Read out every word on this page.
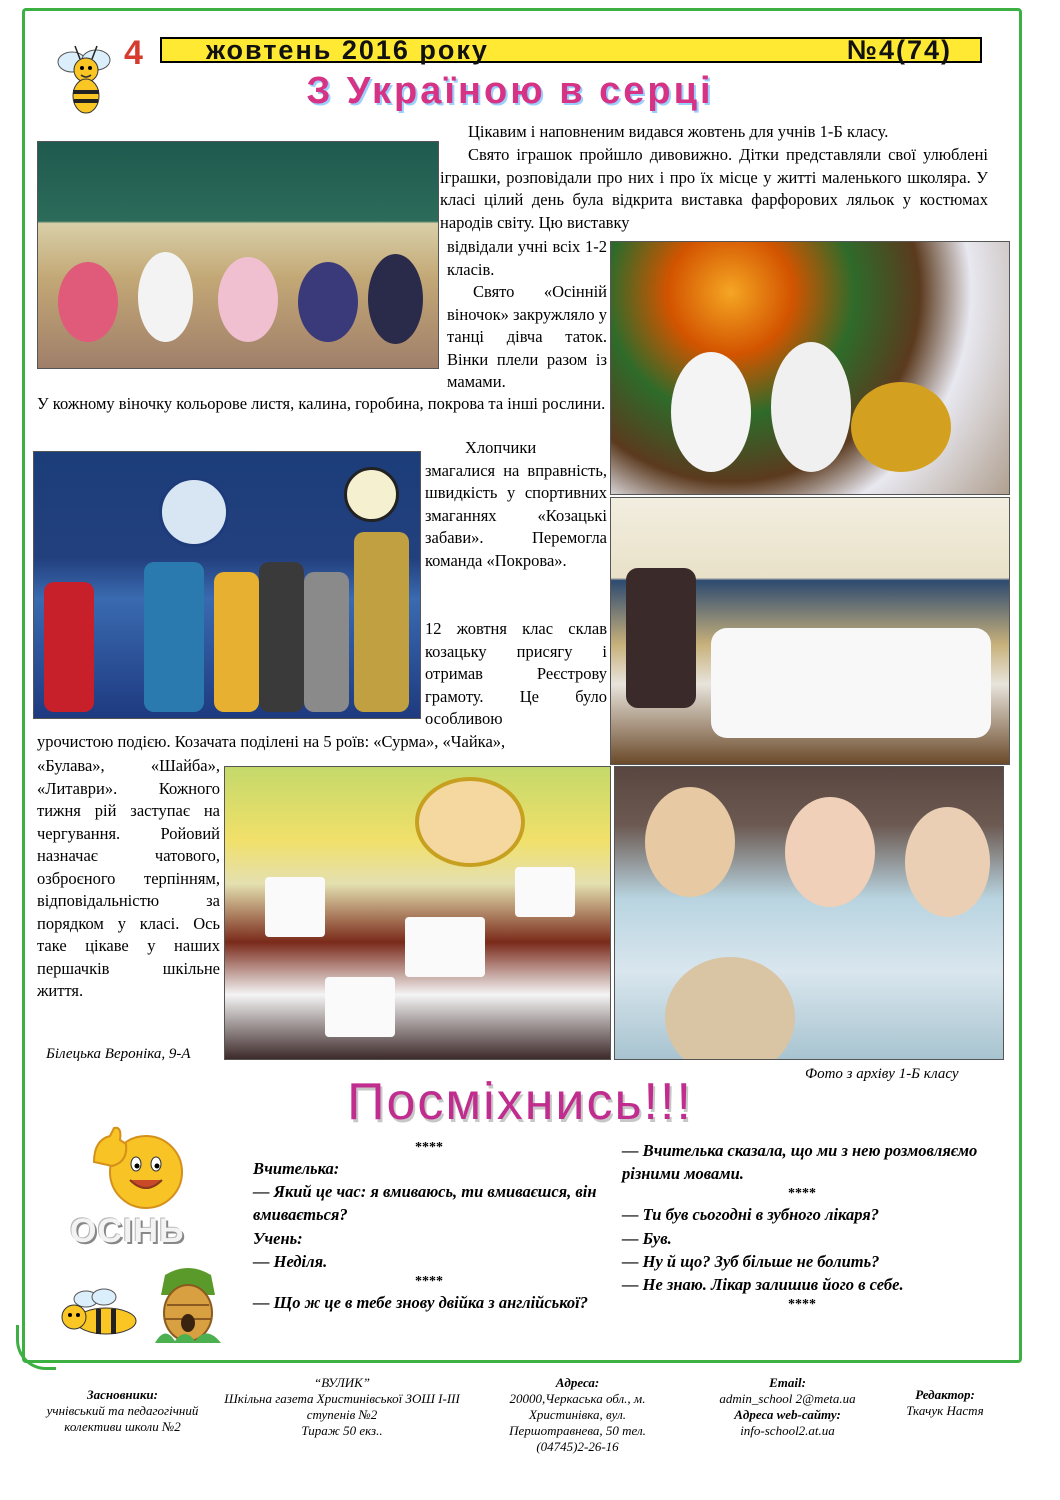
4 жовтень 2016 року	№4(74)
З Україною в серці
Цікавим і наповненим видався жовтень для учнів 1-Б класу.
Свято іграшок пройшло дивовижно. Дітки представляли свої улюблені іграшки, розповідали про них і про їх місце у житті маленького школяра. У класі цілий день була відкрита виставка фарфорових ляльок у костюмах народів світу. Цю виставку
відвідали учні всіх 1-2 класів.
Свято «Осінній віночок» закружляло у танці дівча таток. Вінки плели разом із мамами.
У кожному віночку кольорове листя, калина, горобина, покрова та інші рослини.
Хлопчики змагалися на вправність, швидкість у спортивних змаганнях «Козацькі забави». Перемогла команда «Покрова».
12 жовтня клас склав козацьку присягу і отримав Реєстрову грамоту. Це було особливою
урочистою подією. Козачата поділені на 5 роїв: «Сурма», «Чайка»,
«Булава», «Шайба», «Литаври». Кожного тижня рій заступає на чергування. Ройовий назначає чатового, озброєного терпінням, відповідальністю за порядком у класі. Ось таке цікаве у наших першачків шкільне життя.
Білецька Вероніка, 9-А
Фото з архіву 1-Б класу
Посміхнись!!!
ОСІНЬ
****
Вчителька:
— Який це час: я вмиваюсь, ти вмиваєшся, він вмивається?
Учень:
— Неділя.
****
— Що ж це в тебе знову двійка з англійської?
— Вчителька сказала, що ми з нею розмовляємо різними мовами.
****
— Ти був сьогодні в зубного лікаря?
— Був.
— Ну й що? Зуб більше не болить?
— Не знаю. Лікар залишив його в себе.
****
Засновники:
учнівський та педагогічний колективи школи №2
“ВУЛИК”
Шкільна газета Христинівської ЗОШ І-ІІІ ступенів №2
Тираж 50 екз..
Адреса:
20000,Черкаська обл., м. Христинівка, вул. Першотравнева, 50 тел. (04745)2-26-16
Email:
admin_school 2@meta.ua
Адреса web-сайту:
info-school2.at.ua
Редактор:
Ткачук Настя
